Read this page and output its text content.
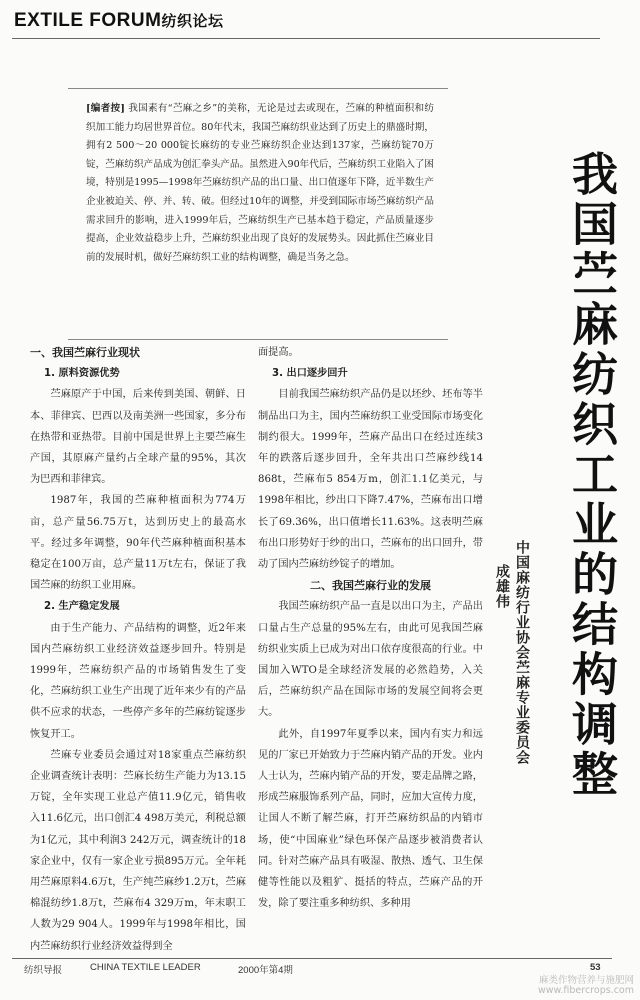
EXTILE FORUM纺织论坛
[编者按] 我国素有“苎麻之乡”的美称，无论是过去或现在，苎麻的种植面积和纺织加工能力均居世界首位。80年代末，我国苎麻纺织业达到了历史上的鼎盛时期，拥有2 500～20 000锭长麻纺的专业苎麻纺织企业达到137家，苎麻纺锭70万锭，苎麻纺织产品成为创汇拳头产品。虽然进入90年代后，苎麻纺织工业陷入了困境，特别是1995—1998年苎麻纺织产品的出口量、出口值逐年下降，近半数生产企业被迫关、停、并、转、破。但经过10年的调整，并受到国际市场苎麻纺织产品需求回升的影响，进入1999年后，苎麻纺织生产已基本趋于稳定，产品质量逐步提高，企业效益稳步上升，苎麻纺织业出现了良好的发展势头。因此抓住苎麻业目前的发展时机，做好苎麻纺织工业的结构调整，确是当务之急。	我国苎麻纺织工业的结构调整
中国麻纺行业协会苎麻专业委员会
成雄伟
一、我国苎麻行业现状
1. 原料资源优势

苎麻原产于中国，后来传到美国、朝鲜、日本、菲律宾、巴西以及南美洲一些国家，多分布在热带和亚热带。目前中国是世界上主要苎麻生产国，其原麻产量约占全球产量的95%，其次为巴西和菲律宾。

1987年，我国的苎麻种植面积为774万亩，总产量56.75万t，达到历史上的最高水平。经过多年调整，90年代苎麻种植面积基本稳定在100万亩，总产量11万t左右，保证了我国苎麻的纺织工业用麻。

2. 生产稳定发展

由于生产能力、产品结构的调整，近2年来国内苎麻纺织工业经济效益逐步回升。特别是1999年，苎麻纺织产品的市场销售发生了变化，苎麻纺织工业生产出现了近年来少有的产品供不应求的状态，一些停产多年的苎麻纺锭逐步恢复开工。

苎麻专业委员会通过对18家重点苎麻纺织企业调查统计表明：苎麻长纺生产能力为13.15万锭，全年实现工业总产值11.9亿元，销售收入11.6亿元，出口创汇4 498万美元，利税总额为1亿元，其中利润3 242万元，调查统计的18家企业中，仅有一家企业亏损895万元。全年耗用苎麻原料4.6万t，生产纯苎麻纱1.2万t，苎麻棉混纺纱1.8万t，苎麻布4 329万m，年末职工人数为29 904人。1999年与1998年相比，国内苎麻纺织行业经济效益得到全

面提高。

3. 出口逐步回升

目前我国苎麻纺织产品仍是以坯纱、坯布等半制品出口为主，国内苎麻纺织工业受国际市场变化制约很大。1999年，苎麻产品出口在经过连续3年的跌落后逐步回升，全年共出口苎麻纱线14 868t，苎麻布5 854万m，创汇1.1亿美元，与1998年相比，纱出口下降7.47%，苎麻布出口增长了69.36%，出口值增长11.63%。这表明苎麻布出口形势好于纱的出口，苎麻布的出口回升，带动了国内苎麻纺纱锭子的增加。

二、我国苎麻行业的发展

我国苎麻纺织产品一直是以出口为主，产品出口量占生产总量的95%左右，由此可见我国苎麻纺织业实质上已成为对出口依存度很高的行业。中国加入WTO是全球经济发展的必然趋势，入关后，苎麻纺织产品在国际市场的发展空间将会更大。

此外，自1997年夏季以来，国内有实力和远见的厂家已开始致力于苎麻内销产品的开发。业内人士认为，苎麻内销产品的开发，要走品牌之路，形成苎麻服饰系列产品，同时，应加大宣传力度，让国人不断了解苎麻，打开苎麻纺织品的内销市场，使“中国麻业”绿色环保产品逐步被消费者认同。针对苎麻产品具有吸湿、散热、透气、卫生保健等性能以及粗犷、挺括的特点，苎麻产品的开发，除了要注重多种纺织、多种用

纺织导报	CHINA TEXTILE LEADER	2000年第4期	53
麻类作物营养与施肥网
www.fibercrops.com
